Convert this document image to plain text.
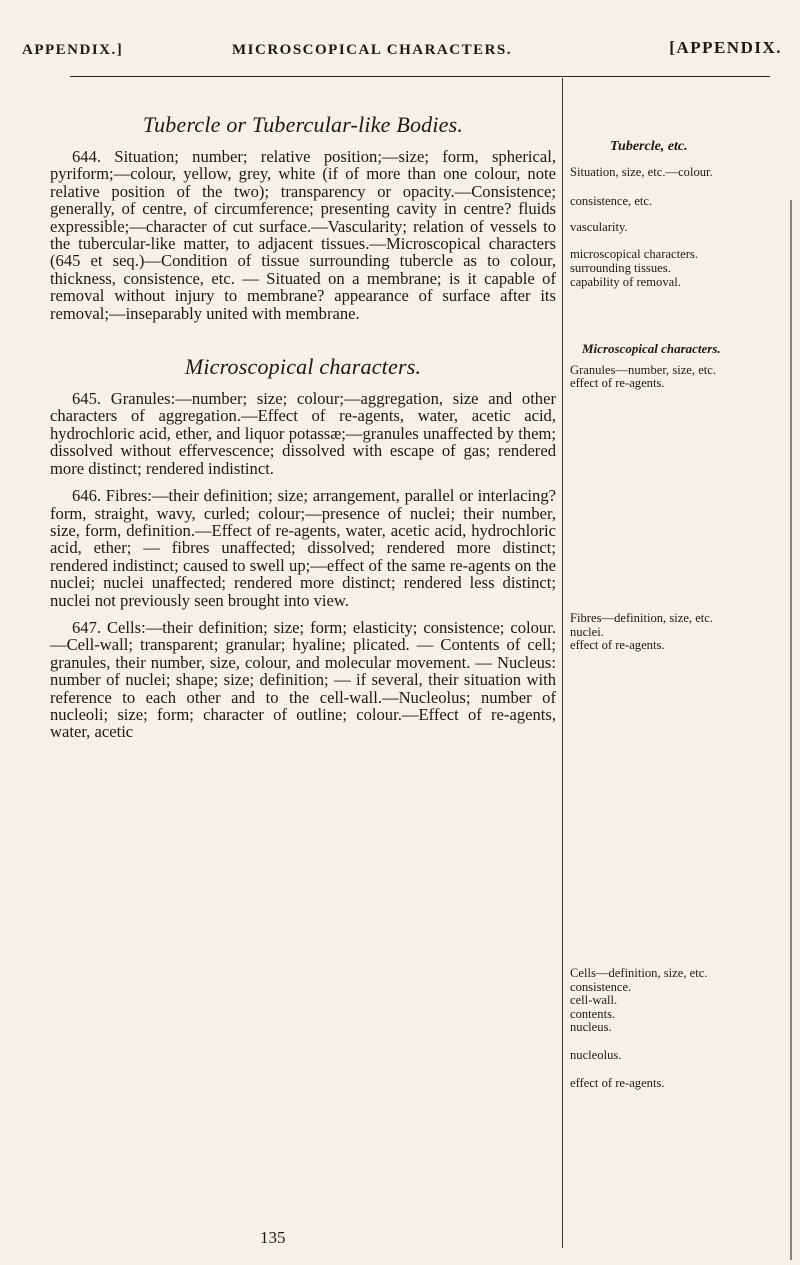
APPENDIX.]	MICROSCOPICAL CHARACTERS.	[APPENDIX.
Tubercle or Tubercular-like Bodies.

644. Situation; number; relative position;—size; form, spherical, pyriform;—colour, yellow, grey, white (if of more than one colour, note relative position of the two); transparency or opacity.—Consistence; generally, of centre, of circumference; presenting cavity in centre? fluids expressible;—character of cut surface.—Vascularity; relation of vessels to the tubercular-like matter, to adjacent tissues.—Microscopical characters (645 et seq.)—Condition of tissue surrounding tubercle as to colour, thickness, consistence, etc. — Situated on a membrane; is it capable of removal without injury to membrane? appearance of surface after its removal;—inseparably united with membrane.

Microscopical characters.

645. Granules:—number; size; colour;—aggregation, size and other characters of aggregation.—Effect of re-agents, water, acetic acid, hydrochloric acid, ether, and liquor potassæ;—granules unaffected by them; dissolved without effervescence; dissolved with escape of gas; rendered more distinct; rendered indistinct.

646. Fibres:—their definition; size; arrangement, parallel or interlacing? form, straight, wavy, curled; colour;—presence of nuclei; their number, size, form, definition.—Effect of re-agents, water, acetic acid, hydrochloric acid, ether; — fibres unaffected; dissolved; rendered more distinct; rendered indistinct; caused to swell up;—effect of the same re-agents on the nuclei; nuclei unaffected; rendered more distinct; rendered less distinct; nuclei not previously seen brought into view.

647. Cells:—their definition; size; form; elasticity; consistence; colour.—Cell-wall; transparent; granular; hyaline; plicated. — Contents of cell; granules, their number, size, colour, and molecular movement. — Nucleus: number of nuclei; shape; size; definition; — if several, their situation with reference to each other and to the cell-wall.—Nucleolus; number of nucleoli; size; form; character of outline; colour.—Effect of re-agents, water, acetic

135
Tubercle, etc.
Situation, size, etc.—colour.
consistence, etc.
vascularity.
microscopical characters.
surrounding tissues.
capability of removal.
Microscopical characters.
Granules—number, size, etc.
effect of re-agents.
Fibres—definition, size, etc.
nuclei.
effect of re-agents.
Cells—definition, size, etc.
consistence.
cell-wall.
contents.
nucleus.
nucleolus.
effect of re-agents.
